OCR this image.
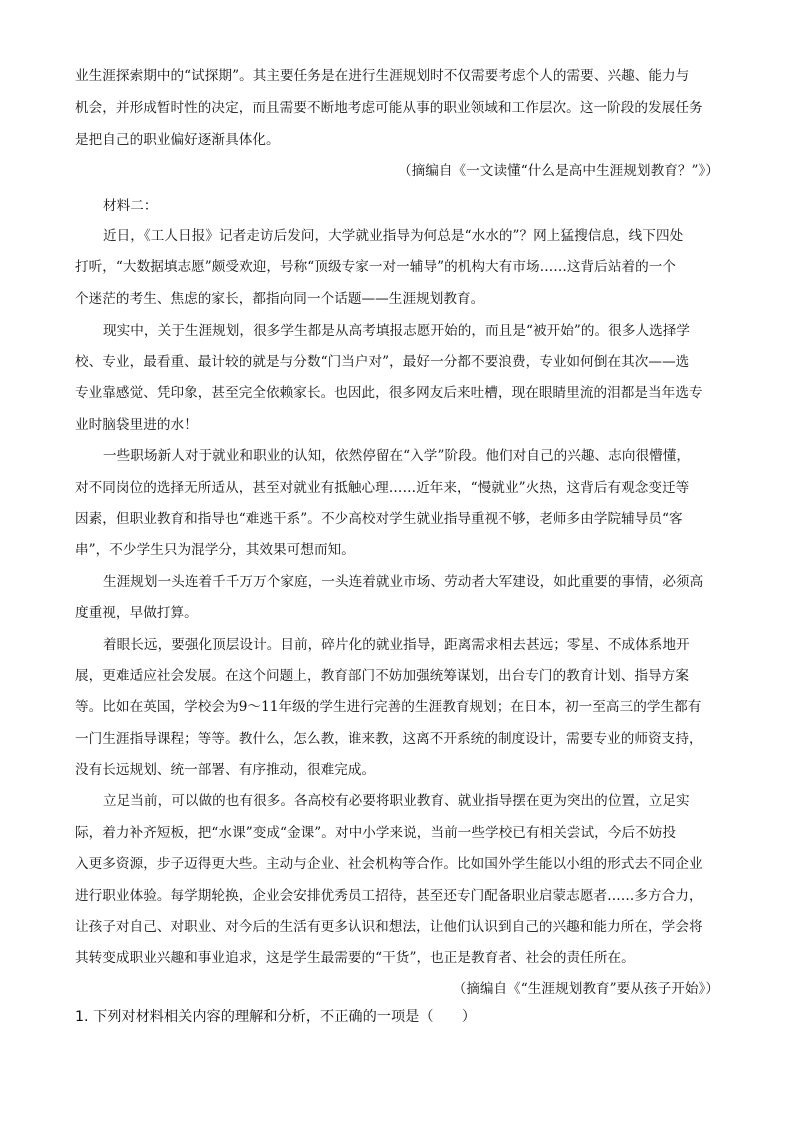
业生涯探索期中的“试探期”。其主要任务是在进行生涯规划时不仅需要考虑个人的需要、兴趣、能力与
机会，并形成暂时性的决定，而且需要不断地考虑可能从事的职业领域和工作层次。这一阶段的发展任务
是把自己的职业偏好逐渐具体化。
（摘编自《一文读懂“什么是高中生涯规划教育？”》）
材料二：
近日，《工人日报》记者走访后发问，大学就业指导为何总是“水水的”？网上猛搜信息，线下四处
打听，“大数据填志愿”颇受欢迎，号称“顶级专家一对一辅导”的机构大有市场……这背后站着的一个
个迷茫的考生、焦虑的家长，都指向同一个话题——生涯规划教育。
现实中，关于生涯规划，很多学生都是从高考填报志愿开始的，而且是“被开始”的。很多人选择学
校、专业，最看重、最计较的就是与分数“门当户对”，最好一分都不要浪费，专业如何倒在其次——选
专业靠感觉、凭印象，甚至完全依赖家长。也因此，很多网友后来吐槽，现在眼睛里流的泪都是当年选专
业时脑袋里进的水！
一些职场新人对于就业和职业的认知，依然停留在“入学”阶段。他们对自己的兴趣、志向很懵懂，
对不同岗位的选择无所适从，甚至对就业有抵触心理……近年来，“慢就业”火热，这背后有观念变迁等
因素，但职业教育和指导也“难逃干系”。不少高校对学生就业指导重视不够，老师多由学院辅导员“客
串”，不少学生只为混学分，其效果可想而知。
生涯规划一头连着千千万万个家庭，一头连着就业市场、劳动者大军建设，如此重要的事情，必须高
度重视，早做打算。
着眼长远，要强化顶层设计。目前，碎片化的就业指导，距离需求相去甚远；零星、不成体系地开
展，更难适应社会发展。在这个问题上，教育部门不妨加强统筹谋划，出台专门的教育计划、指导方案
等。比如在英国，学校会为9～11年级的学生进行完善的生涯教育规划；在日本，初一至高三的学生都有
一门生涯指导课程；等等。教什么，怎么教，谁来教，这离不开系统的制度设计，需要专业的师资支持，
没有长远规划、统一部署、有序推动，很难完成。
立足当前，可以做的也有很多。各高校有必要将职业教育、就业指导摆在更为突出的位置，立足实
际，着力补齐短板，把“水课”变成“金课”。对中小学来说，当前一些学校已有相关尝试，今后不妨投
入更多资源，步子迈得更大些。主动与企业、社会机构等合作。比如国外学生能以小组的形式去不同企业
进行职业体验。每学期轮换，企业会安排优秀员工招待，甚至还专门配备职业启蒙志愿者……多方合力，
让孩子对自己、对职业、对今后的生活有更多认识和想法，让他们认识到自己的兴趣和能力所在，学会将
其转变成职业兴趣和事业追求，这是学生最需要的“干货”，也正是教育者、社会的责任所在。
（摘编自《“生涯规划教育”要从孩子开始》）
1. 下列对材料相关内容的理解和分析，不正确的一项是（　　）
